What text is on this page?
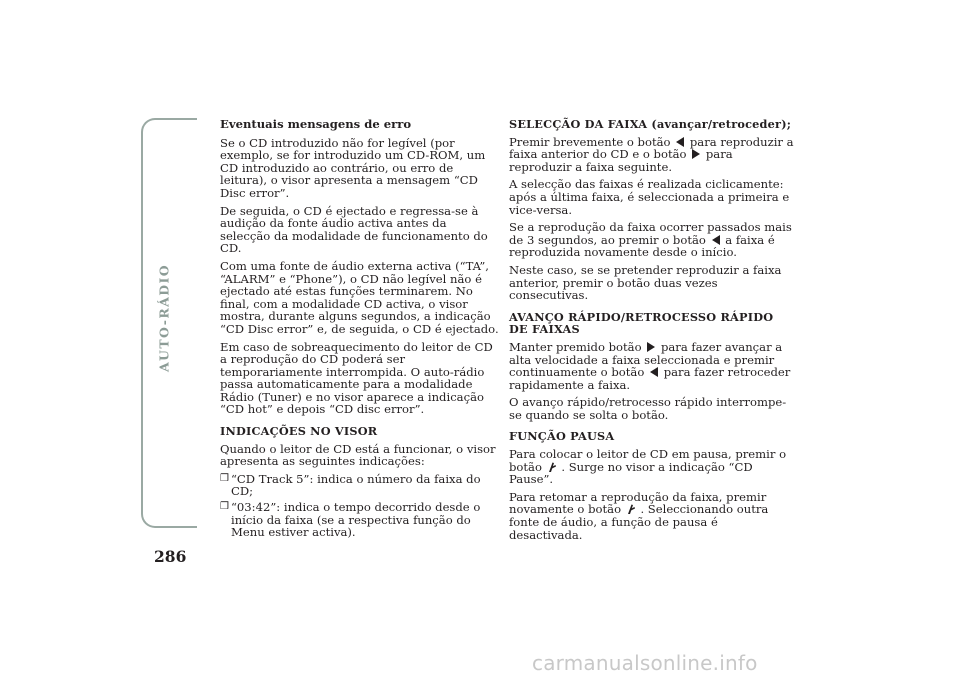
AUTO-RÁDIO
286

Eventuais mensagens de erro

Se o CD introduzido não for legível (por exemplo, se for introduzido um CD-ROM, um CD introduzido ao contrário, ou erro de leitura), o visor apresenta a mensagem “CD Disc error”.

De seguida, o CD é ejectado e regressa-se à audição da fonte áudio activa antes da selecção da modalidade de funcionamento do CD.

Com uma fonte de áudio externa activa (“TA”, “ALARM” e “Phone”), o CD não legível não é ejectado até estas funções terminarem. No final, com a modalidade CD activa, o visor mostra, durante alguns segundos, a indicação “CD Disc error” e, de seguida, o CD é ejectado.

Em caso de sobreaquecimento do leitor de CD a reprodução do CD poderá ser temporariamente interrompida. O auto-rádio passa automaticamente para a modalidade Rádio (Tuner) e no visor aparece a indicação “CD hot” e depois “CD disc error”.

INDICAÇÕES NO VISOR

Quando o leitor de CD está a funcionar, o visor apresenta as seguintes indicações:

❒ “CD Track 5”: indica o número da faixa do CD;
❒ “03:42”: indica o tempo decorrido desde o início da faixa (se a respectiva função do Menu estiver activa).

SELECÇÃO DA FAIXA (avançar/retroceder);

Premir brevemente o botão para reproduzir a faixa anterior do CD e o botão para reproduzir a faixa seguinte.

A selecção das faixas é realizada ciclicamente: após a última faixa, é seleccionada a primeira e vice-versa.

Se a reprodução da faixa ocorrer passados mais de 3 segundos, ao premir o botão a faixa é reproduzida novamente desde o início.

Neste caso, se se pretender reproduzir a faixa anterior, premir o botão duas vezes consecutivas.

AVANÇO RÁPIDO/RETROCESSO RÁPIDO DE FAIXAS

Manter premido botão para fazer avançar a alta velocidade a faixa seleccionada e premir continuamente o botão para fazer retroceder rapidamente a faixa.

O avanço rápido/retrocesso rápido interrompe-se quando se solta o botão.

FUNÇÃO PAUSA

Para colocar o leitor de CD em pausa, premir o botão . Surge no visor a indicação “CD Pause”.

Para retomar a reprodução da faixa, premir novamente o botão . Seleccionando outra fonte de áudio, a função de pausa é desactivada.

carmanualsonline.info
